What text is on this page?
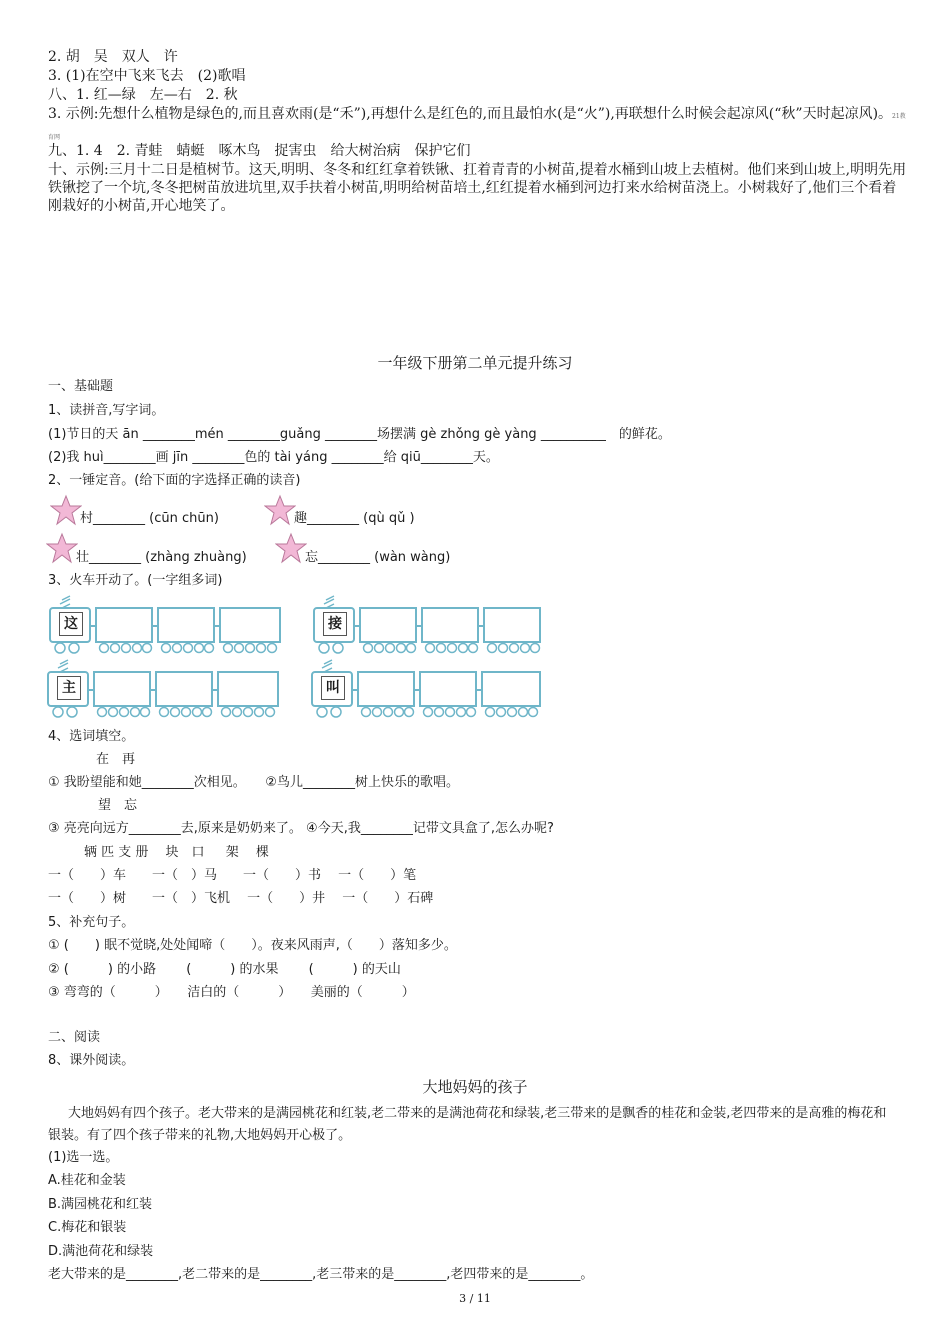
2. 胡　吴　双人　许
3. (1)在空中飞来飞去　(2)歌唱
八、1. 红—绿　左—右　2. 秋
3. 示例:先想什么植物是绿色的,而且喜欢雨(是“禾”),再想什么是红色的,而且最怕水(是“火”),再联想什么时候会起凉风(“秋”天时起凉风)。21教育网
九、1. 4　2. 青蛙　蜻蜓　啄木鸟　捉害虫　给大树治病　保护它们
十、示例:三月十二日是植树节。这天,明明、冬冬和红红拿着铁锹、扛着青青的小树苗,提着水桶到山坡上去植树。他们来到山坡上,明明先用铁锹挖了一个坑,冬冬把树苗放进坑里,双手扶着小树苗,明明给树苗培土,红红提着水桶到河边打来水给树苗浇上。小树栽好了,他们三个看着刚栽好的小树苗,开心地笑了。
一年级下册第二单元提升练习
一、基础题
1、读拼音,写字词。
(1)节日的天 ān ________mén ________guǎng ________场摆满 gè zhǒng gè yàng __________　的鲜花。
(2)我 huì________画 jīn ________色的 tài yáng ________给 qiū________天。
2、一锤定音。(给下面的字选择正确的读音)
村________ (cūn chūn)	趣________ (qù qǔ )
壮________ (zhàng zhuàng)	忘________ (wàn wàng)
3、火车开动了。(一字组多词)
这	接
主	叫
4、选词填空。
在　再
① 我盼望能和她________次相见。　　②鸟儿________树上快乐的歌唱。
望　忘
③ 亮亮向远方________去,原来是奶奶来了。 ④今天,我________记带文具盒了,怎么办呢?
辆 匹 支 册　 块　口 　 架 　棵
一（　　）车　　一（　）马　　一（　　）书　 一（　　）笔
一（　　）树　　一（　）飞机　 一（　　）井　 一（　　）石碑
5、补充句子。
① (　　) 眠不觉晓,处处闻啼（　　）。夜来风雨声,（　　）落知多少。
② (　　　) 的小路　　 (　　　) 的水果　　 (　　　) 的天山
③ 弯弯的（　　　）　　洁白的（　　　）　　美丽的（　　　）
二、阅读
8、课外阅读。
大地妈妈的孩子
大地妈妈有四个孩子。老大带来的是满园桃花和红装,老二带来的是满池荷花和绿装,老三带来的是飘香的桂花和金装,老四带来的是高雅的梅花和银装。有了四个孩子带来的礼物,大地妈妈开心极了。
(1)选一选。
A.桂花和金装
B.满园桃花和红装
C.梅花和银装
D.满池荷花和绿装
老大带来的是________,老二带来的是________,老三带来的是________,老四带来的是________。
3 / 11
